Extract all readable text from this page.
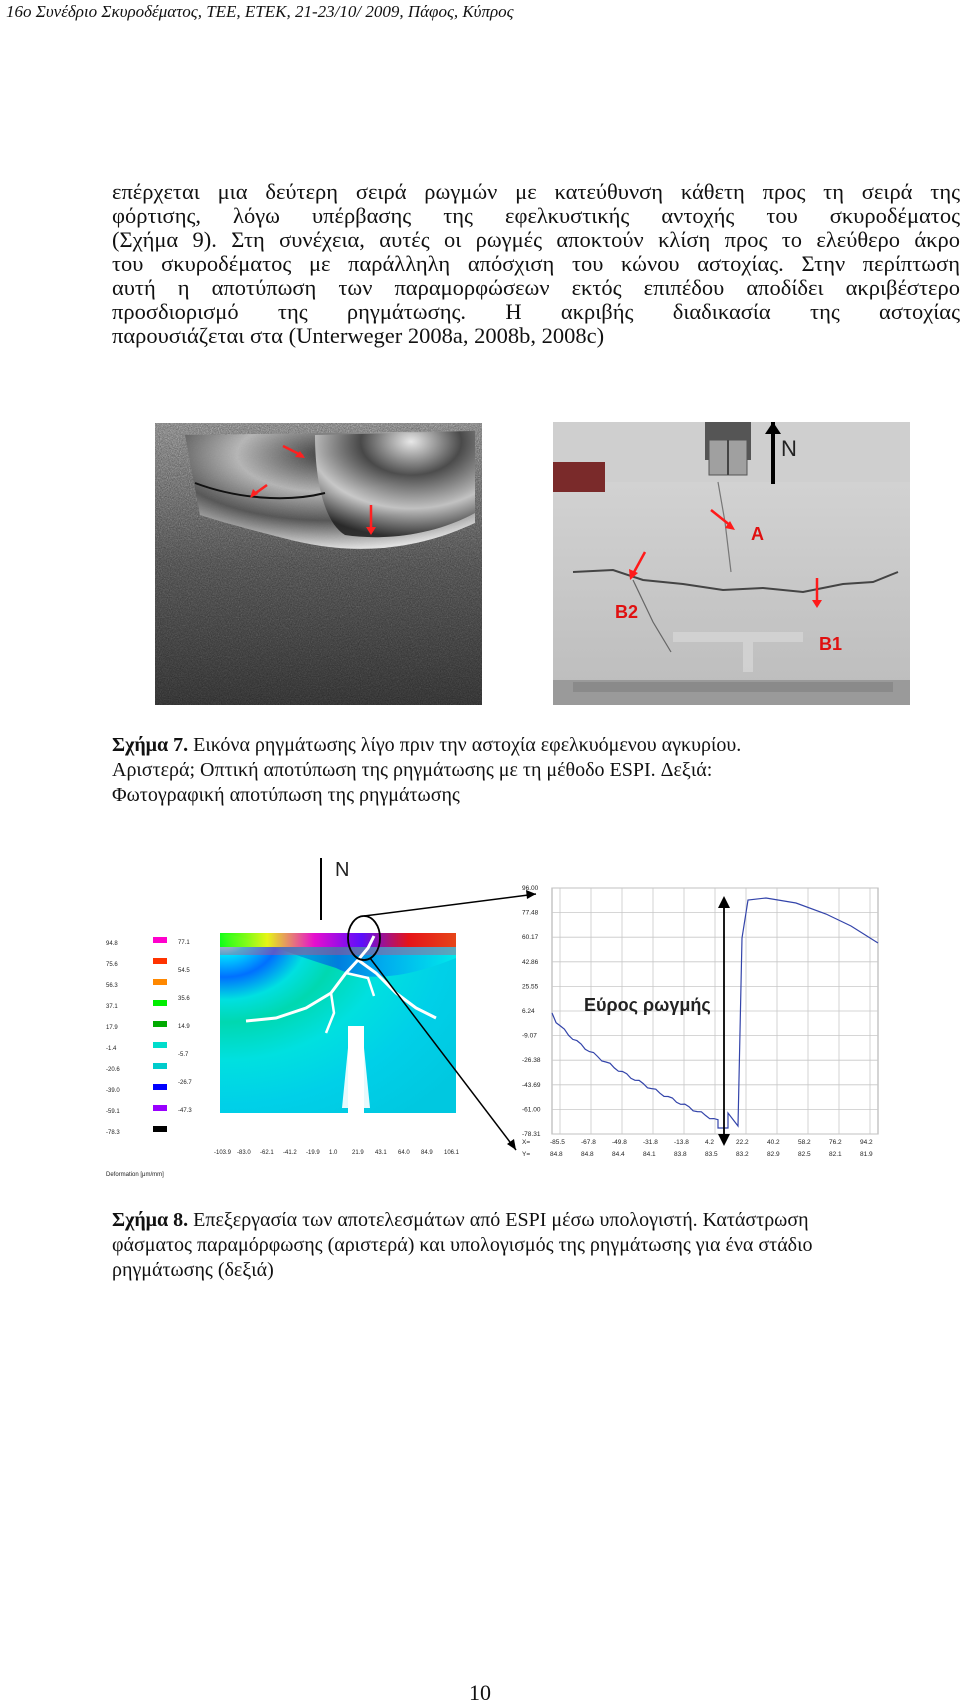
16ο Συνέδριο Σκυροδέματος, ΤΕΕ, ΕΤΕΚ, 21-23/10/ 2009, Πάφος, Κύπρος

επέρχεται μια δεύτερη σειρά ρωγμών με κατεύθυνση κάθετη προς τη σειρά της
φόρτισης, λόγω υπέρβασης της εφελκυστικής αντοχής του σκυροδέματος
(Σχήμα 9). Στη συνέχεια, αυτές οι ρωγμές αποκτούν κλίση προς το ελεύθερο άκρο
του σκυροδέματος με παράλληλη απόσχιση του κώνου αστοχίας. Στην περίπτωση
αυτή η αποτύπωση των παραμορφώσεων εκτός επιπέδου αποδίδει ακριβέστερο
προσδιορισμό της ρηγμάτωσης. Η ακριβής διαδικασία της αστοχίας
παρουσιάζεται στα (Unterweger 2008a, 2008b, 2008c)

N
A
B2
B1

Σχήμα 7. Εικόνα ρηγμάτωσης λίγο πριν την αστοχία εφελκυόμενου αγκυρίου.
Αριστερά; Οπτική αποτύπωση της ρηγμάτωσης με τη μέθοδο ESPI. Δεξιά:
Φωτογραφική αποτύπωση της ρηγμάτωσης

94.8
75.6
56.3
37.1
17.9
-1.4
-20.6
-39.0
-59.1
-78.3
77.1
54.5
35.6
14.9
-5.7
-26.7
-47.3
-103.9 -83.0 -62.1 -41.2 -19.9 1.0 21.9 43.1 64.0 84.9 106.1
Deformation [μm/mm]
N
96.00
77.48
60.17
42.86
25.55
6.24
-9.07
-26.38
-43.69
-61.00
-78.31
-85.5
84.8
-67.8
84.8
-49.8
84.4
-31.8
84.1
-13.8
83.8
4.2
83.5
22.2
83.2
40.2
82.9
58.2
82.5
76.2
82.1
94.2
81.9
X=
Y=
Εύρος ρωγμής

Σχήμα 8. Επεξεργασία των αποτελεσμάτων από ESPI μέσω υπολογιστή. Κατάστρωση
φάσματος παραμόρφωσης (αριστερά) και υπολογισμός της ρηγμάτωσης για ένα στάδιο
ρηγμάτωσης (δεξιά)

10
